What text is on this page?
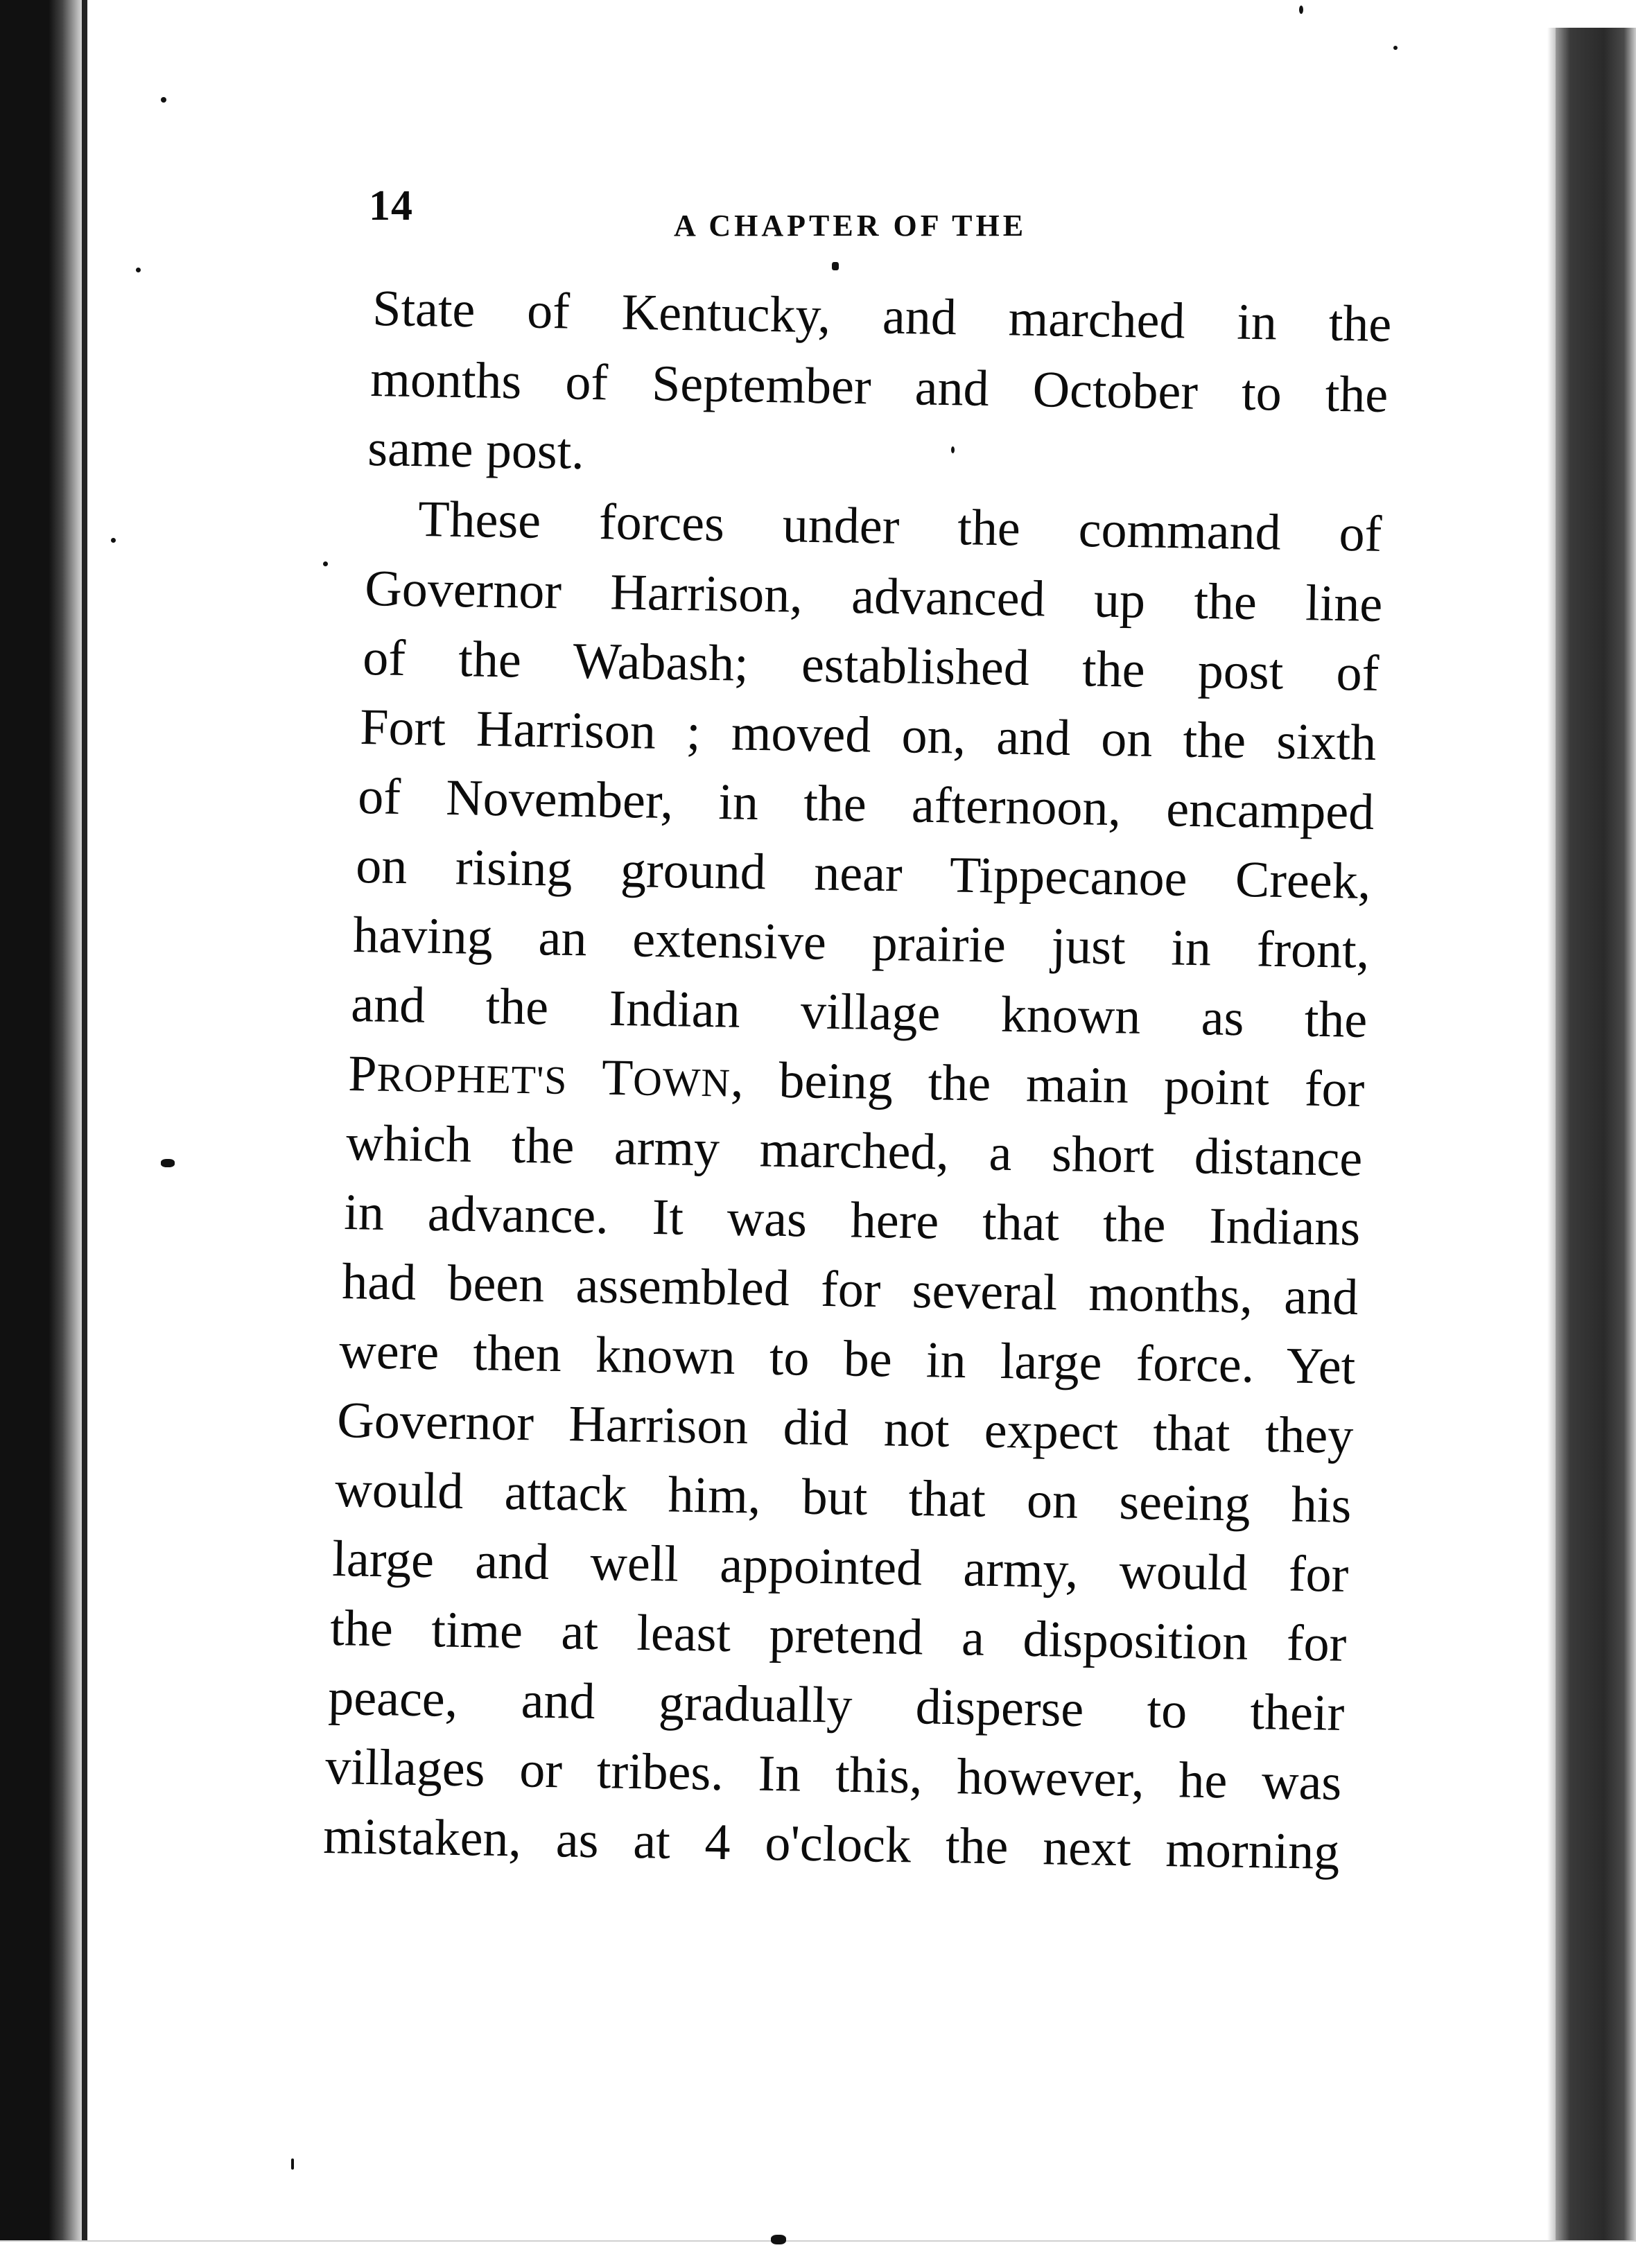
14	A CHAPTER OF THE
State of Kentucky, and marched in the
months of September and October to the
same post.
These forces under the command of
Governor Harrison, advanced up the line
of the Wabash; established the post of
Fort Harrison ; moved on, and on the sixth
of November, in the afternoon, encamped
on rising ground near Tippecanoe Creek,
having an extensive prairie just in front,
and the Indian village known as the
PROPHET'S TOWN, being the main point for
which the army marched, a short distance
in advance. It was here that the Indians
had been assembled for several months, and
were then known to be in large force. Yet
Governor Harrison did not expect that they
would attack him, but that on seeing his
large and well appointed army, would for
the time at least pretend a disposition for
peace, and gradually disperse to their
villages or tribes. In this, however, he was
mistaken, as at 4 o'clock the next morning
